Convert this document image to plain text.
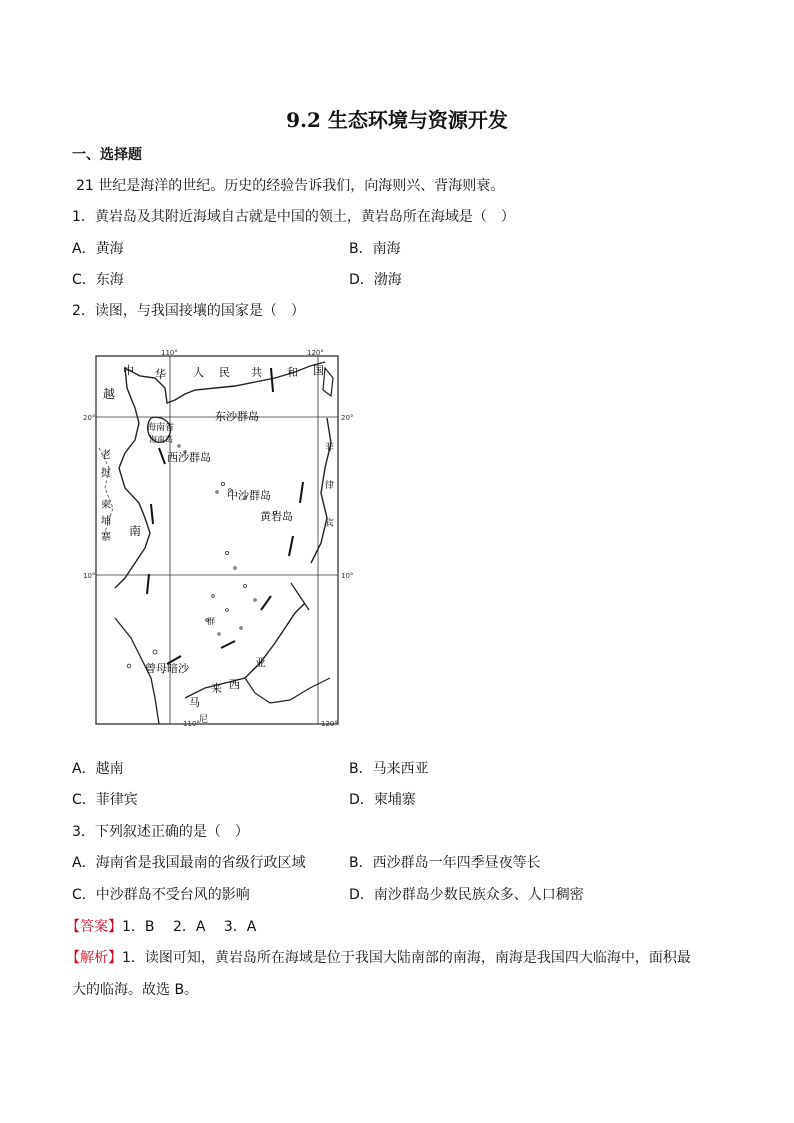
9.2 生态环境与资源开发
一、选择题
21 世纪是海洋的世纪。历史的经验告诉我们，向海则兴、背海则衰。
1．黄岩岛及其附近海域自古就是中国的领土，黄岩岛所在海域是（　）
A．黄海	B．南海
C．东海	D．渤海
2．读图，与我国接壤的国家是（　）
110°	120°
110°	120°
20°	20°
10°	10°
中 华 人 民 共 和 国
越
老
挝
柬
埔
寨 南
海南省
海南岛
东沙群岛
西沙群岛
中沙群岛
黄岩岛
曾母暗沙
菲
律
宾
群
马
来 西
亚
尼
A．越南	B．马来西亚
C．菲律宾	D．柬埔寨
3．下列叙述正确的是（　）
A．海南省是我国最南的省级行政区域	B．西沙群岛一年四季昼夜等长
C．中沙群岛不受台风的影响	D．南沙群岛少数民族众多、人口稠密
【答案】1．B　 2．A　 3．A
【解析】1．读图可知，黄岩岛所在海域是位于我国大陆南部的南海，南海是我国四大临海中，面积最
大的临海。故选 B。
